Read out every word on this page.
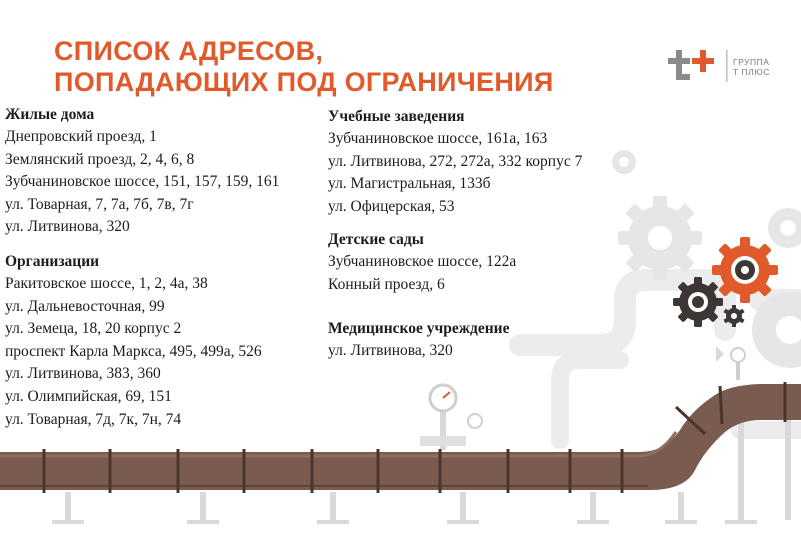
СПИСОК АДРЕСОВ,
ПОПАДАЮЩИХ ПОД ОГРАНИЧЕНИЯ
ГРУППА
Т ПЛЮС
Жилые дома
Днепровский проезд, 1
Землянский проезд, 2, 4, 6, 8
Зубчаниновское шоссе, 151, 157, 159, 161
ул. Товарная, 7, 7а, 7б, 7в, 7г
ул. Литвинова, 320
Организации
Ракитовское шоссе, 1, 2, 4а, 38
ул. Дальневосточная, 99
ул. Земеца, 18, 20 корпус 2
проспект Карла Маркса, 495, 499а, 526
ул. Литвинова, 383, 360
ул. Олимпийская, 69, 151
ул. Товарная, 7д, 7к, 7н, 74
Учебные заведения
Зубчаниновское шоссе, 161а, 163
ул. Литвинова, 272, 272а, 332 корпус 7
ул. Магистральная, 133б
ул. Офицерская, 53
Детские сады
Зубчаниновское шоссе, 122а
Конный проезд, 6
Медицинское учреждение
ул. Литвинова, 320
